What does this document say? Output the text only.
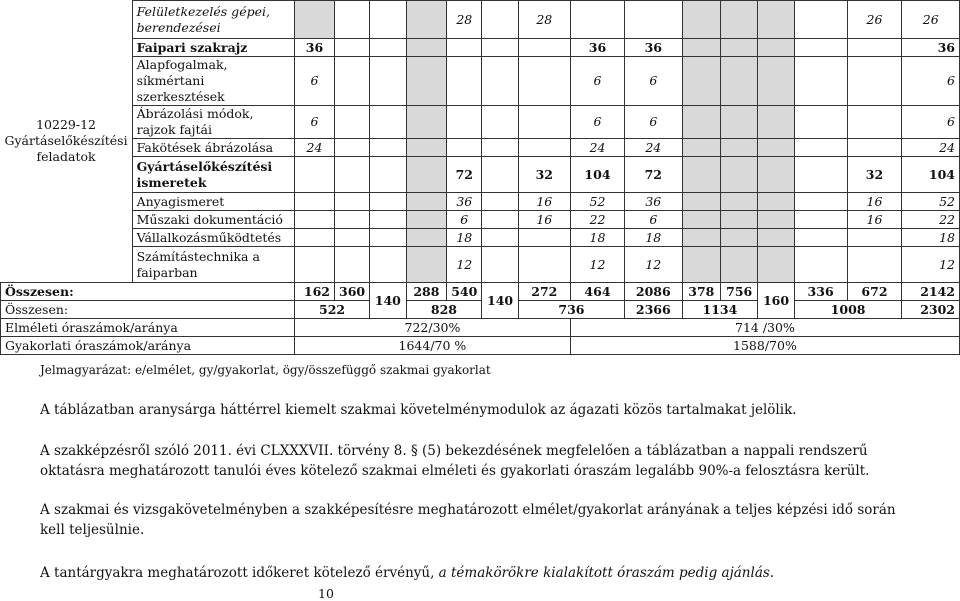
10229-12
Gyártáselőkészítési feladatok	Felületkezelés gépei, berendezései					28		28							26	26
	Faipari szakrajz	36							36	36						36
	Alapfogalmak, síkmértani szerkesztések	6							6	6						6
	Ábrázolási módok, rajzok fajtái	6							6	6						6
	Fakötések ábrázolása	24							24	24						24
	Gyártáselőkészítési ismeretek					72		32	104	72					32	104
	Anyagismeret					36		16	52	36					16	52
	Műszaki dokumentáció					6		16	22	6					16	22
	Vállalkozásműködtetés					18			18	18						18
	Számítástechnika a faiparban					12			12	12						12
Összesen:		162	360	140	288	540	140	272	464	2086	378	756	160	336	672	2142
Összesen:		522			828			736		2366	1134			1008		2302
Elméleti óraszámok/aránya		722/30%							714 /30%							
Gyakorlati óraszámok/aránya		1644/70 %							1588/70%							
Jelmagyarázat: e/elmélet, gy/gyakorlat, ögy/összefüggő szakmai gyakorlat

A táblázatban aranysárga háttérrel kiemelt szakmai követelménymodulok az ágazati közös tartalmakat jelölik.

A szakképzésről szóló 2011. évi CLXXXVII. törvény 8. § (5) bekezdésének megfelelően a táblázatban a nappali rendszerű oktatásra meghatározott tanulói éves kötelező szakmai elméleti és gyakorlati óraszám legalább 90%-a felosztásra került.

A szakmai és vizsgakövetelményben a szakképesítésre meghatározott elmélet/gyakorlat arányának a teljes képzési idő során kell teljesülnie.

A tantárgyakra meghatározott időkeret kötelező érvényű, a témakörökre kialakított óraszám pedig ajánlás.

10
